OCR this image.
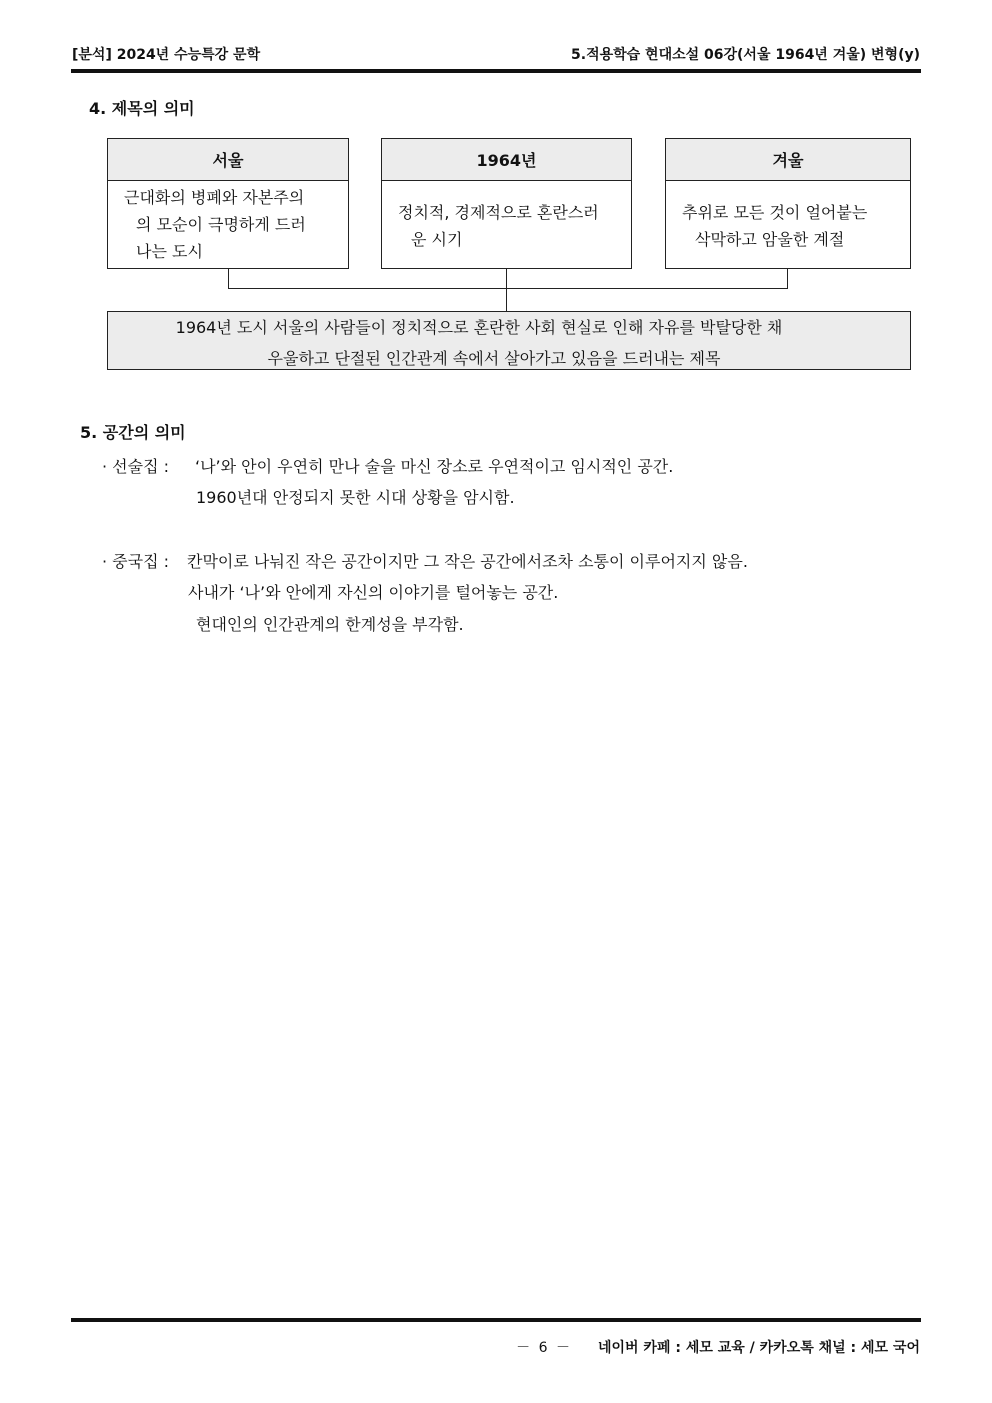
[분석] 2024년 수능특강 문학	5.적용학습 현대소설 06강(서울 1964년 겨울) 변형(y)
4. 제목의 의미
서울
근대화의 병폐와 자본주의
의 모순이 극명하게 드러
나는 도시
1964년
정치적, 경제적으로 혼란스러
운 시기
겨울
추위로 모든 것이 얼어붙는
삭막하고 암울한 계절
1964년 도시 서울의 사람들이 정치적으로 혼란한 사회 현실로 인해 자유를 박탈당한 채
우울하고 단절된 인간관계 속에서 살아가고 있음을 드러내는 제목
5. 공간의 의미
· 선술집 : ‘나’와 안이 우연히 만나 술을 마신 장소로 우연적이고 임시적인 공간.
1960년대 안정되지 못한 시대 상황을 암시함.
· 중국집 : 칸막이로 나눠진 작은 공간이지만 그 작은 공간에서조차 소통이 이루어지지 않음.
사내가 ‘나’와 안에게 자신의 이야기를 털어놓는 공간.
현대인의 인간관계의 한계성을 부각함.
－ 6 － 네이버 카페 : 세모 교육 / 카카오톡 채널 : 세모 국어
